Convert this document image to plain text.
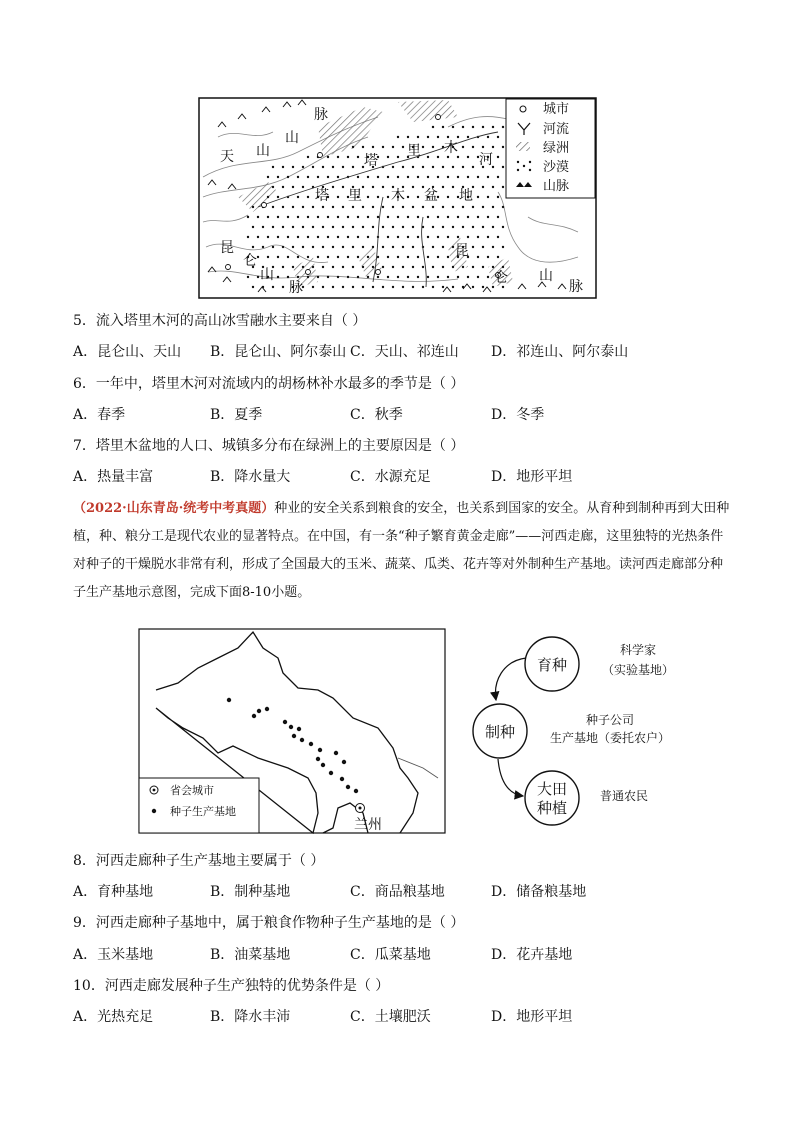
天 山
山
脉
塔
里 木
河
塔 里 木 盆 地
昆
仑
山
脉
昆
仑 山
脉
城市
河流
绿洲
沙漠
山脉
5．流入塔里木河的高山冰雪融水主要来自（ ）
A．昆仑山、天山 B．昆仑山、阿尔泰山 C．天山、祁连山 D．祁连山、阿尔泰山
6．一年中，塔里木河对流域内的胡杨林补水最多的季节是（ ）
A．春季	B．夏季	C．秋季	D．冬季
7．塔里木盆地的人口、城镇多分布在绿洲上的主要原因是（ ）
A．热量丰富	B．降水量大	C．水源充足	D．地形平坦
（2022·山东青岛·统考中考真题）种业的安全关系到粮食的安全，也关系到国家的安全。从育种到制种再到大田种植，种、粮分工是现代农业的显著特点。在中国，有一条“种子繁育黄金走廊”——河西走廊，这里独特的光热条件对种子的干燥脱水非常有利，形成了全国最大的玉米、蔬菜、瓜类、花卉等对外制种生产基地。读河西走廊部分种子生产基地示意图，完成下面8-10小题。
兰州
省会城市
种子生产基地
育种
制种
大田
种植
科学家
（实验基地）
种子公司
生产基地（委托农户）
普通农民
8．河西走廊种子生产基地主要属于（ ）
A．育种基地	B．制种基地	C．商品粮基地	D．储备粮基地
9．河西走廊种子基地中，属于粮食作物种子生产基地的是（ ）
A．玉米基地	B．油菜基地	C．瓜菜基地	D．花卉基地
10．河西走廊发展种子生产独特的优势条件是（ ）
A．光热充足	B．降水丰沛	C．土壤肥沃	D．地形平坦
